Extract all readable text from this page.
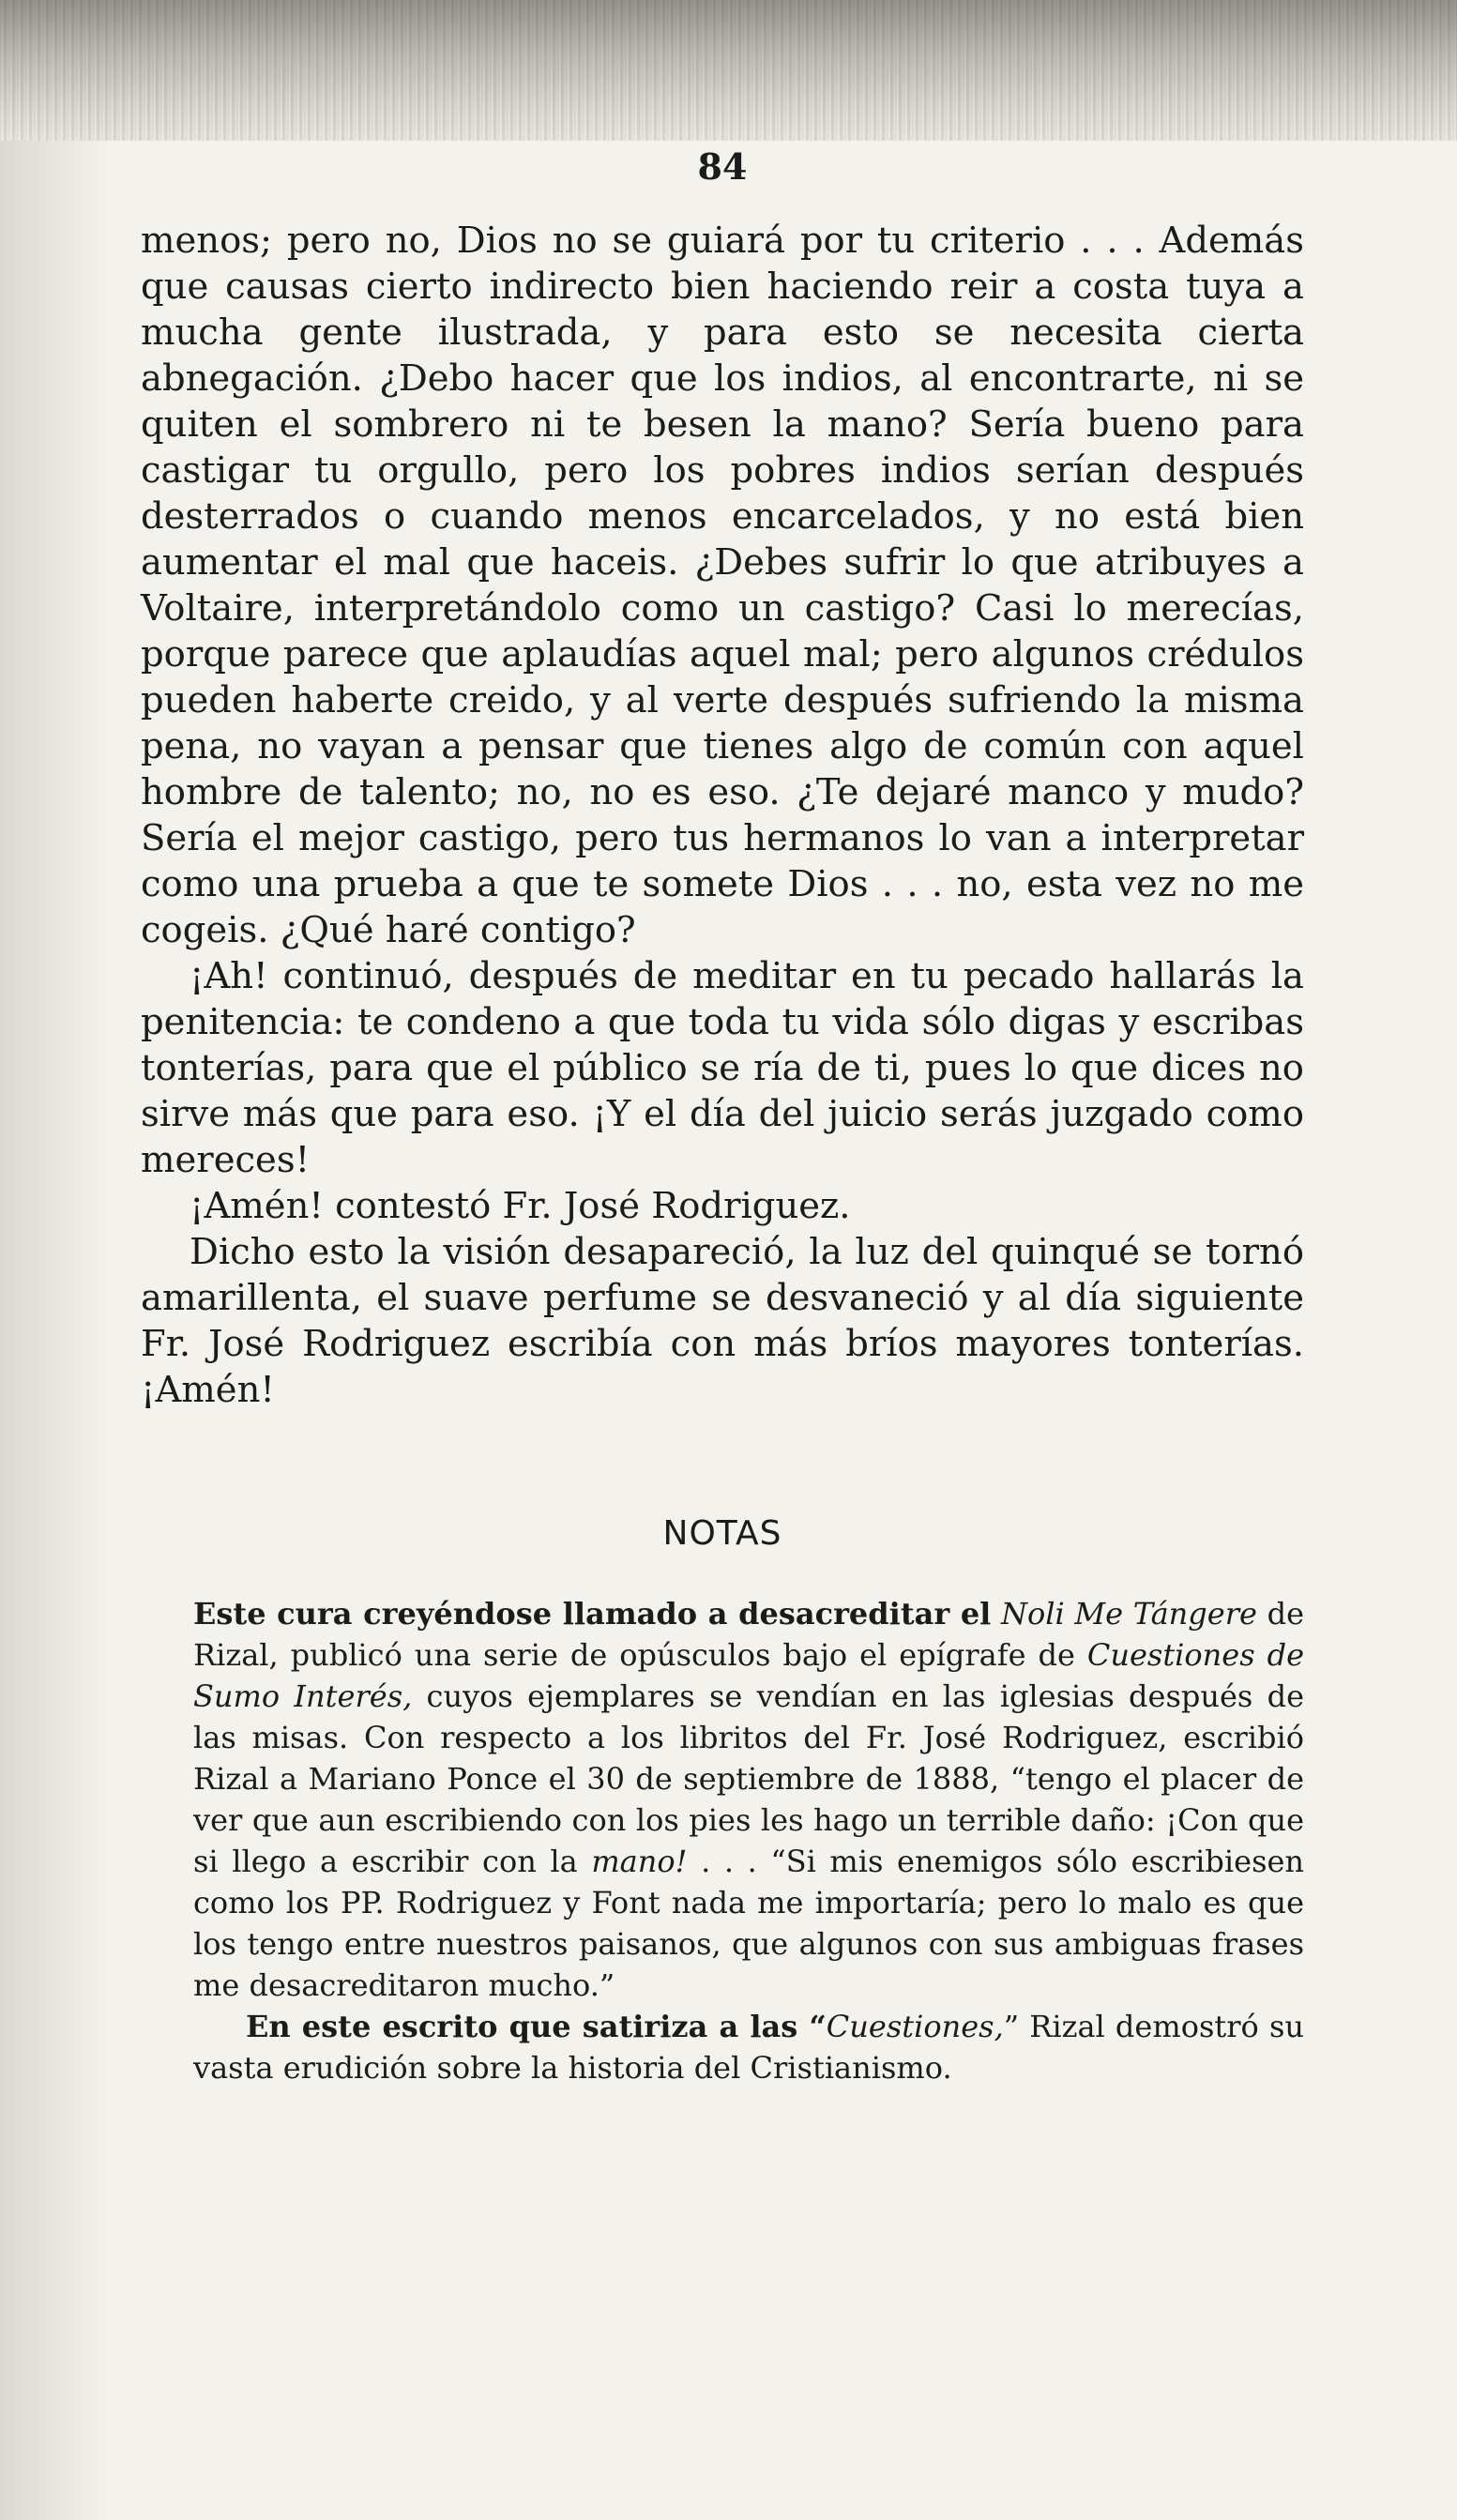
84

menos; pero no, Dios no se guiará por tu criterio . . . Además que causas cierto indirecto bien haciendo reir a costa tuya a mucha gente ilustrada, y para esto se necesita cierta abnegación. ¿Debo hacer que los indios, al encontrarte, ni se quiten el sombrero ni te besen la mano? Sería bueno para castigar tu orgullo, pero los pobres indios serían después desterrados o cuando menos encarcelados, y no está bien aumentar el mal que haceis. ¿Debes sufrir lo que atribuyes a Voltaire, interpretándolo como un castigo? Casi lo merecías, porque parece que aplaudías aquel mal; pero algunos crédulos pueden haberte creido, y al verte después sufriendo la misma pena, no vayan a pensar que tienes algo de común con aquel hombre de talento; no, no es eso. ¿Te dejaré manco y mudo? Sería el mejor castigo, pero tus hermanos lo van a interpretar como una prueba a que te somete Dios . . . no, esta vez no me cogeis. ¿Qué haré contigo?

¡Ah! continuó, después de meditar en tu pecado hallarás la penitencia: te condeno a que toda tu vida sólo digas y escribas tonterías, para que el público se ría de ti, pues lo que dices no sirve más que para eso. ¡Y el día del juicio serás juzgado como mereces!

¡Amén! contestó Fr. José Rodriguez.

Dicho esto la visión desapareció, la luz del quinqué se tornó amarillenta, el suave perfume se desvaneció y al día siguiente Fr. José Rodriguez escribía con más bríos mayores tonterías. ¡Amén!

NOTAS

Este cura creyéndose llamado a desacreditar el Noli Me Tángere de Rizal, publicó una serie de opúsculos bajo el epígrafe de Cuestiones de Sumo Interés, cuyos ejemplares se vendían en las iglesias después de las misas. Con respecto a los libritos del Fr. José Rodriguez, escribió Rizal a Mariano Ponce el 30 de septiembre de 1888, “tengo el placer de ver que aun escribiendo con los pies les hago un terrible daño: ¡Con que si llego a escribir con la mano! . . . “Si mis enemigos sólo escribiesen como los PP. Rodriguez y Font nada me importaría; pero lo malo es que los tengo entre nuestros paisanos, que algunos con sus ambiguas frases me desacreditaron mucho.”

En este escrito que satiriza a las “Cuestiones,” Rizal demostró su vasta erudición sobre la historia del Cristianismo.
